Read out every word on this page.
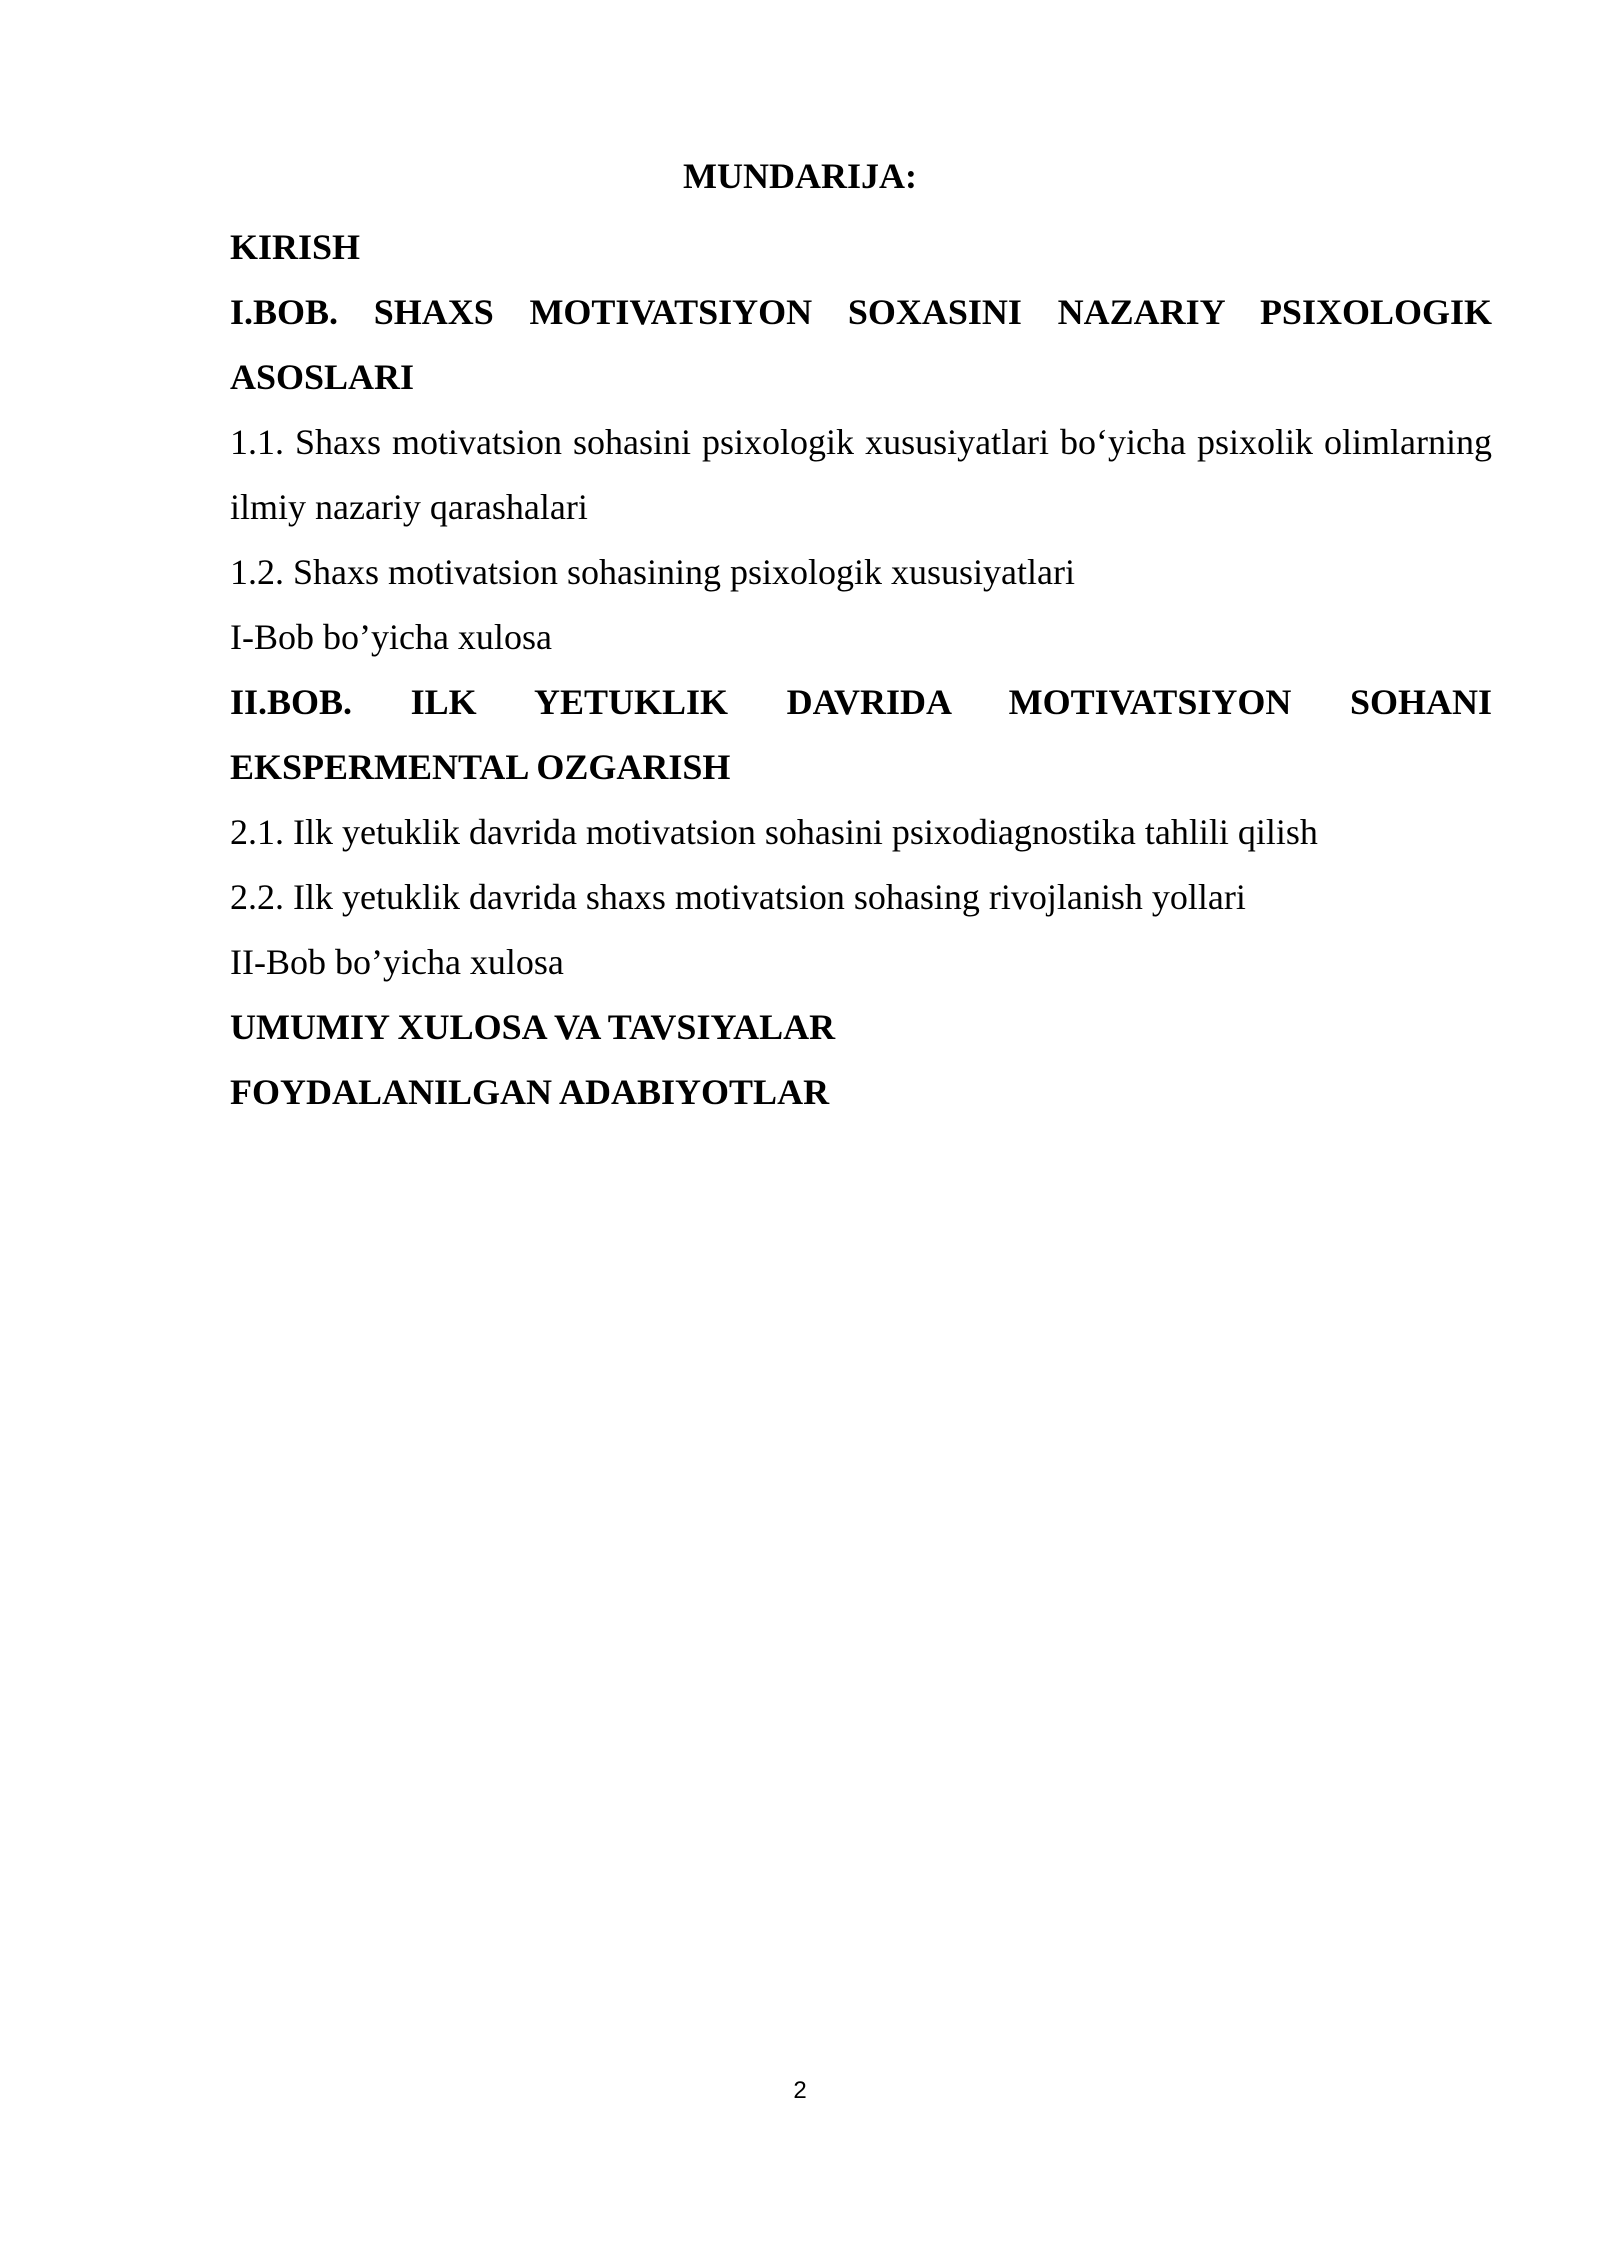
MUNDARIJA:

KIRISH

I.BOB. SHAXS MOTIVATSIYON SOXASINI NAZARIY PSIXOLOGIK ASOSLARI

1.1. Shaxs motivatsion sohasini psixologik xususiyatlari bo‘yicha psixolik olimlarning ilmiy nazariy qarashalari

1.2. Shaxs motivatsion sohasining psixologik xususiyatlari

I-Bob bo’yicha xulosa

II.BOB. ILK YETUKLIK DAVRIDA MOTIVATSIYON SOHANI EKSPERMENTAL OZGARISH

2.1. Ilk yetuklik davrida motivatsion sohasini psixodiagnostika tahlili qilish

2.2. Ilk yetuklik davrida shaxs motivatsion sohasing rivojlanish yollari

II-Bob bo’yicha xulosa

UMUMIY XULOSA VA TAVSIYALAR

FOYDALANILGAN ADABIYOTLAR

2
